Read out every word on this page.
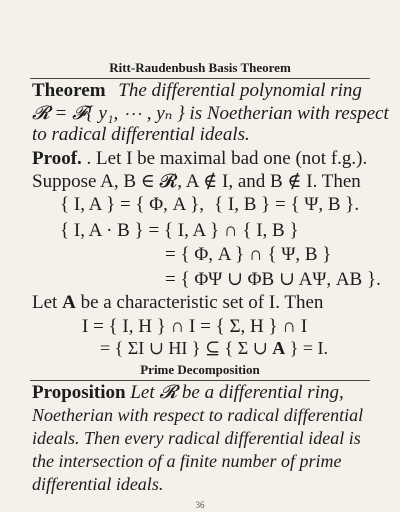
Ritt-Raudenbush Basis Theorem
Theorem The differential polynomial ring
𝓡 = 𝓕{ y₁, ⋯ , yₙ } is Noetherian with respect
to radical differential ideals.
Proof. . Let I be maximal bad one (not f.g.).
Suppose A, B ∈ 𝓡, A ∉ I, and B ∉ I. Then
{ I, A } = { Φ, A }, { I, B } = { Ψ, B }.
{ I, A · B } = { I, A } ∩ { I, B }
= { Φ, A } ∩ { Ψ, B }
= { ΦΨ ∪ ΦB ∪ AΨ, AB }.
Let A be a characteristic set of I. Then
I = { I, H } ∩ I = { Σ, H } ∩ I
= { ΣI ∪ HI } ⊆ { Σ ∪ A } = I.
Prime Decomposition
Proposition Let 𝓡 be a differential ring,
Noetherian with respect to radical differential
ideals. Then every radical differential ideal is
the intersection of a finite number of prime
differential ideals.
36
